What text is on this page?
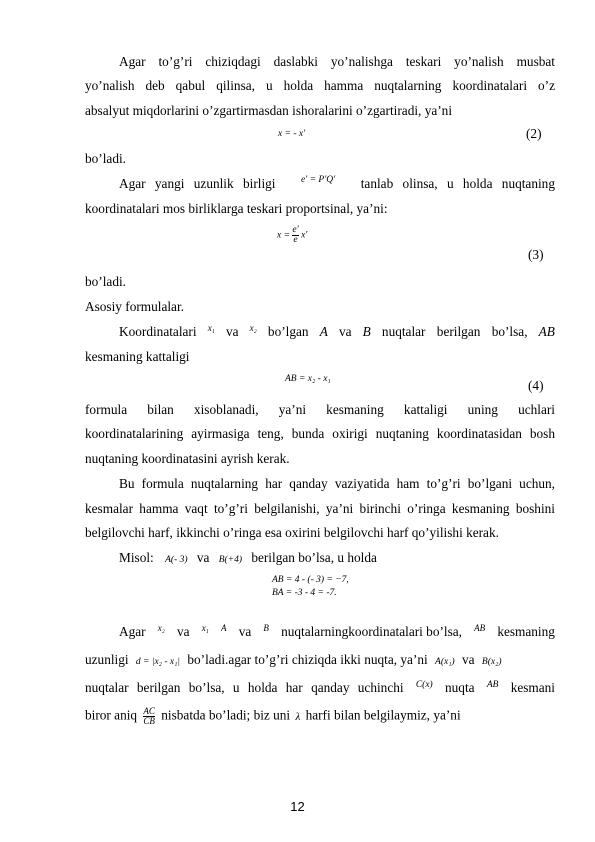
Agar to’g’ri chiziqdagi daslabki yo’nalishga teskari yo’nalish musbat
yo’nalish deb qabul qilinsa, u holda hamma nuqtalarning koordinatalari o’z
absalyut miqdorlarini o’zgartirmasdan ishoralarini o’zgartiradi, ya’ni
x = - x′	(2)
bo’ladi.
Agar yangi uzunlik birligi	e′ = P′Q′ tanlab olinsa, u holda nuqtaning
koordinatalari mos birliklarga teskari proportsinal, ya’ni:
$x = \frac{e'}{e} x'$
(3)
bo’ladi.
Asosiy formulalar.
Koordinatalari x₁ va x₂ bo’lgan A va B nuqtalar berilgan bo’lsa, AB
kesmaning kattaligi
AB = x₂ - x₁	(4)
formula bilan xisoblanadi, ya’ni kesmaning kattaligi uning uchlari
koordinatalarining ayirmasiga teng, bunda oxirigi nuqtaning koordinatasidan bosh
nuqtaning koordinatasini ayrish kerak.
Bu formula nuqtalarning har qanday vaziyatida ham to’g’ri bo’lgani uchun,
kesmalar hamma vaqt to’g’ri belgilanishi, ya’ni birinchi o’ringa kesmaning boshini
belgilovchi harf, ikkinchi o’ringa esa oxirini belgilovchi harf qo’yilishi kerak.
Misol: A(- 3) va B(+4) berilgan bo’lsa, u holda
AB = 4 - (- 3) = −7,
BA = -3 - 4 = -7.
Agar x₂ va x₁ A va B nuqtalarningkoordinatalari bo’lsa, AB kesmaning
uzunligi d = |x₂ - x₁| bo’ladi.agar to’g’ri chiziqda ikki nuqta, ya’ni A(x₁) va B(x₂)
nuqtalar berilgan bo’lsa, u holda har qanday uchinchi C(x) nuqta AB kesmani
biror aniq $\frac{AC}{CB}$ nisbatda bo’ladi; biz uni λ harfi bilan belgilaymiz, ya’ni
12
